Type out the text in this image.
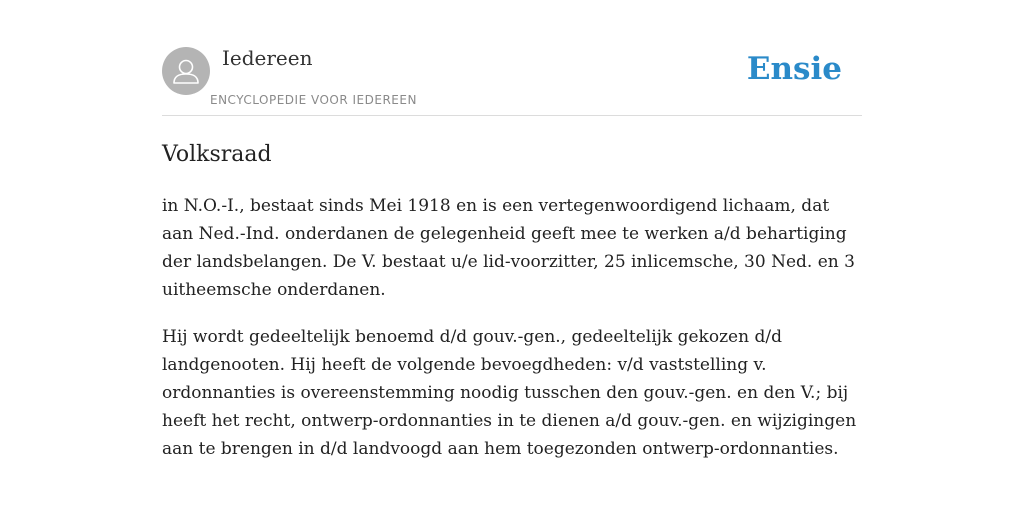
Iedereen
ENCYCLOPEDIE VOOR IEDEREEN
Ensie
Volksraad

in N.O.-I., bestaat sinds Mei 1918 en is een vertegenwoordigend lichaam, dat aan Ned.-Ind. onderdanen de gelegenheid geeft mee te werken a/d behartiging der landsbelangen. De V. bestaat u/e lid-voorzitter, 25 inlicemsche, 30 Ned. en 3 uitheemsche onderdanen.

Hij wordt gedeeltelijk benoemd d/d gouv.-gen., gedeeltelijk gekozen d/d landgenooten. Hij heeft de volgende bevoegdheden: v/d vaststelling v. ordonnanties is overeenstemming noodig tusschen den gouv.-gen. en den V.; bij heeft het recht, ontwerp-ordonnanties in te dienen a/d gouv.-gen. en wijzigingen aan te brengen in d/d landvoogd aan hem toegezonden ontwerp-ordonnanties.
